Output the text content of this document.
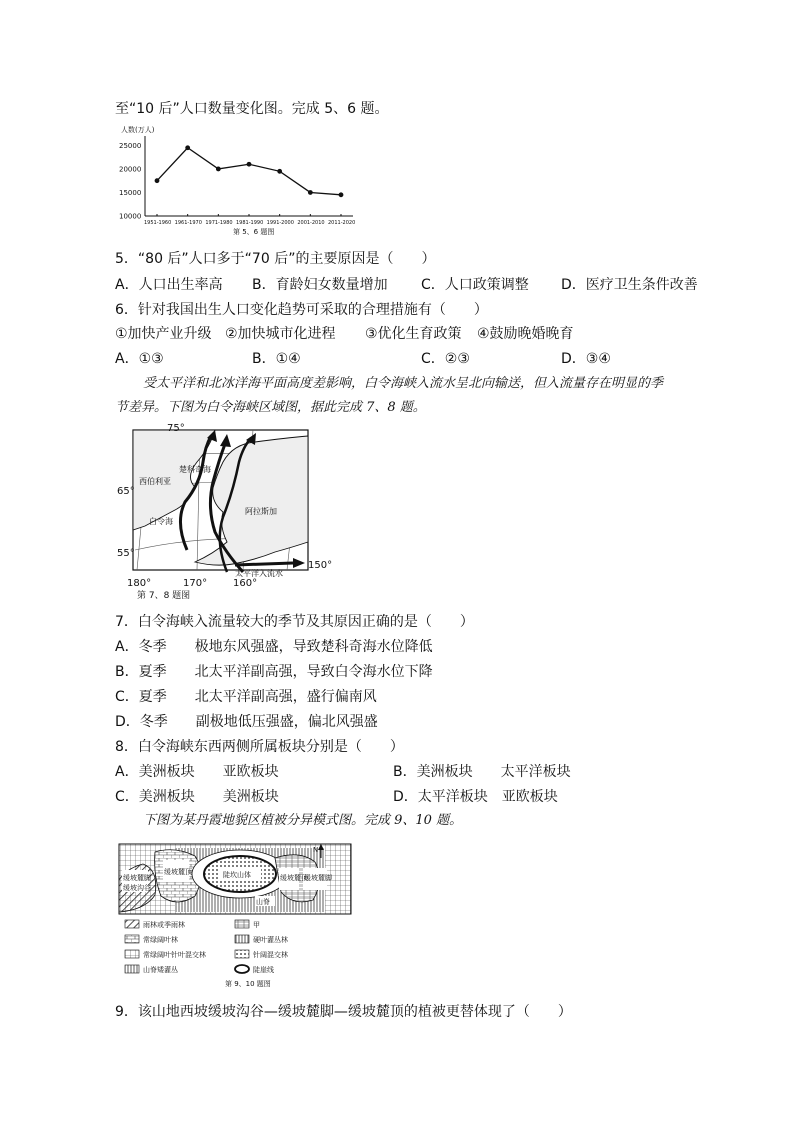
至“10 后”人口数量变化图。完成 5、6 题。
人数(万人)
25000
20000
15000
10000
1951-1960 1961-1970 1971-1980 1981-1990 1991-2000 2001-2010 2011-2020
第 5、6 题图
5．“80 后”人口多于“70 后”的主要原因是（　　）
A．人口出生率高 B．育龄妇女数量增加 C．人口政策调整 D．医疗卫生条件改善
6．针对我国出生人口变化趋势可采取的合理措施有（　　）
①加快产业升级 ②加快城市化进程 ③优化生育政策 ④鼓励晚婚晚育
A．①③	B．①④	C．②③	D．③④
受太平洋和北冰洋海平面高度差影响，白令海峡入流水呈北向输送，但入流量存在明显的季
节差异。下图为白令海峡区域图，据此完成 7、8 题。
75°
65°
55°
楚科奇海
西伯利亚
白令海
阿拉斯加
太平洋入流水
180°	170°	160°
150°
第 7、8 题图
7．白令海峡入流量较大的季节及其原因正确的是（　　）
A．冬季　　极地东风强盛，导致楚科奇海水位降低
B．夏季　　北太平洋副高强，导致白令海水位下降
C．夏季　　北太平洋副高强，盛行偏南风
D．冬季　　副极地低压强盛，偏北风强盛
8．白令海峡东西两侧所属板块分别是（　　）
A．美洲板块　　亚欧板块	B．美洲板块　　太平洋板块
C．美洲板块　　美洲板块	D．太平洋板块　亚欧板块
下图为某丹霞地貌区植被分异模式图。完成 9、10 题。
N
缓坡麓脚
缓坡沟谷
缓坡麓顶	陡坎山体	缓坡麓顶
缓坡麓脚
山脊
雨林或季雨林	甲
常绿阔叶林	硬叶灌丛林
常绿阔叶针叶混交林	针阔混交林
山脊矮灌丛	陡崖线
第 9、10 题图
9．该山地西坡缓坡沟谷—缓坡麓脚—缓坡麓顶的植被更替体现了（　　）
